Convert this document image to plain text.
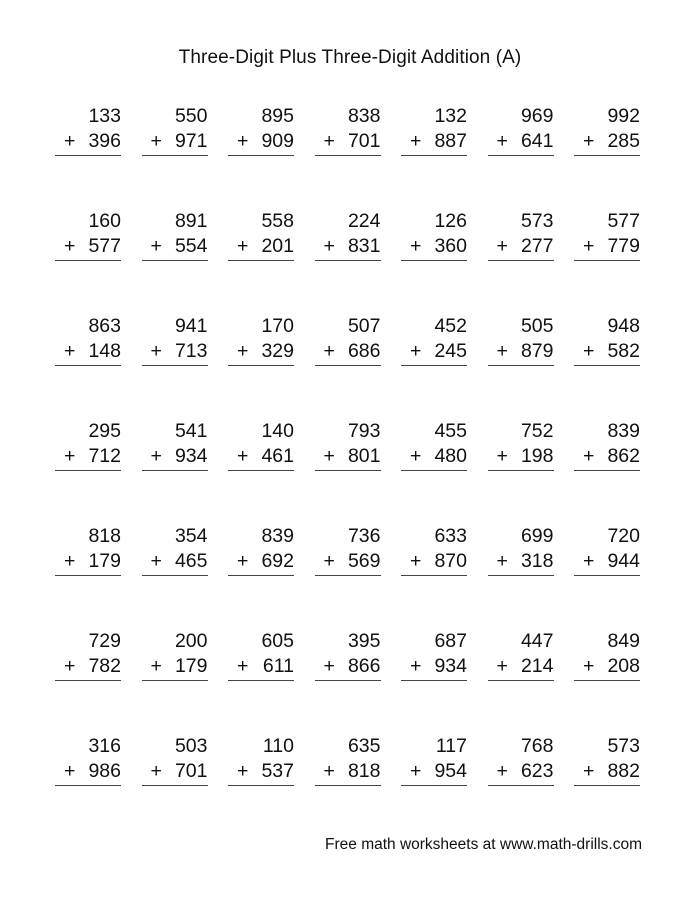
Three-Digit Plus Three-Digit Addition (A)
133
+ 396
550
+ 971
895
+ 909
838
+ 701
132
+ 887
969
+ 641
992
+ 285
160
+ 577
891
+ 554
558
+ 201
224
+ 831
126
+ 360
573
+ 277
577
+ 779
863
+ 148
941
+ 713
170
+ 329
507
+ 686
452
+ 245
505
+ 879
948
+ 582
295
+ 712
541
+ 934
140
+ 461
793
+ 801
455
+ 480
752
+ 198
839
+ 862
818
+ 179
354
+ 465
839
+ 692
736
+ 569
633
+ 870
699
+ 318
720
+ 944
729
+ 782
200
+ 179
605
+ 611
395
+ 866
687
+ 934
447
+ 214
849
+ 208
316
+ 986
503
+ 701
110
+ 537
635
+ 818
117
+ 954
768
+ 623
573
+ 882
Free math worksheets at www.math-drills.com
